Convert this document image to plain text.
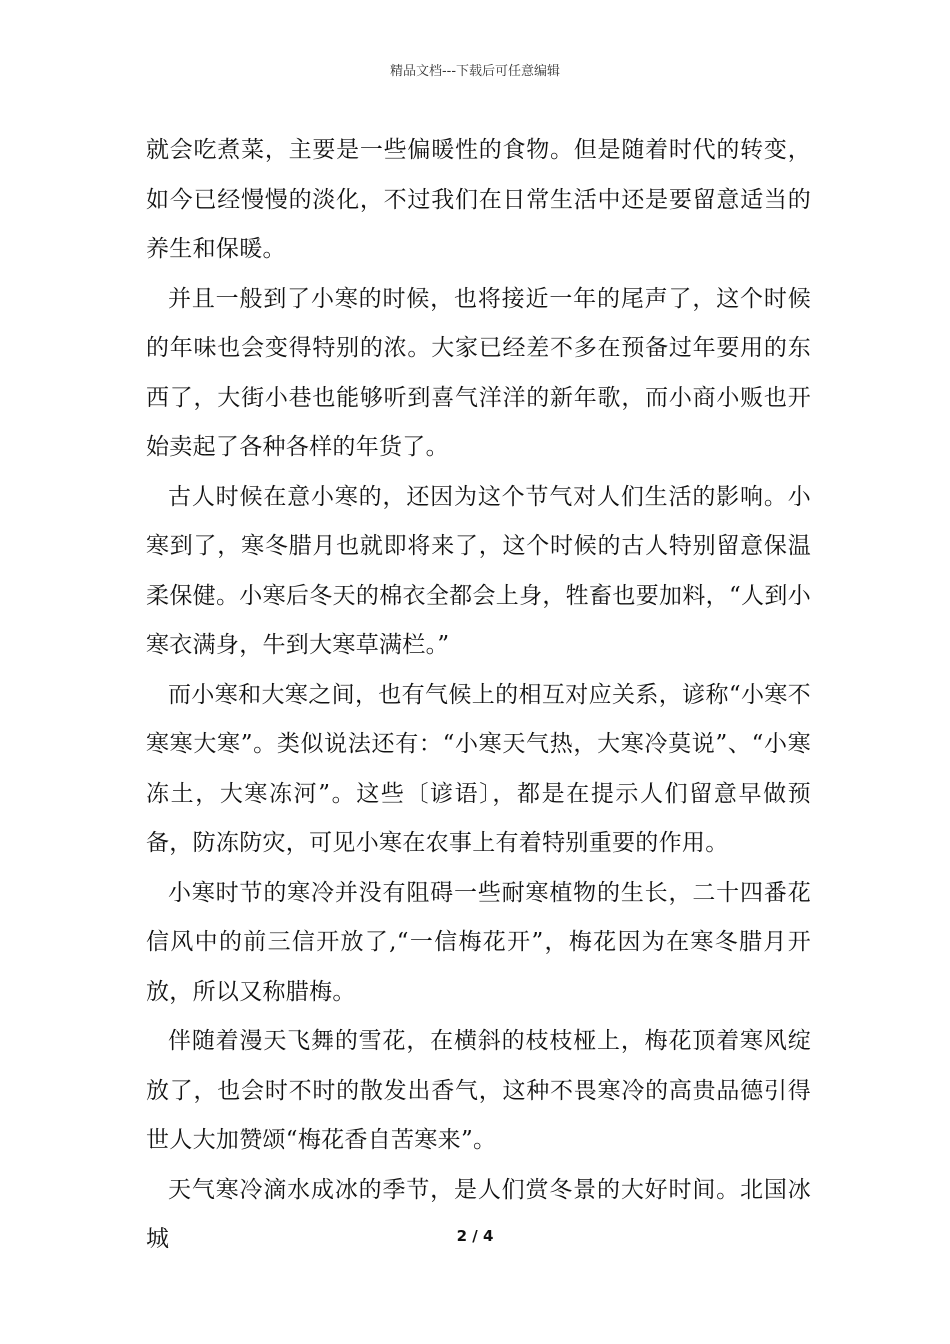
精品文档---下载后可任意编辑

就会吃煮菜，主要是一些偏暖性的食物。但是随着时代的转变，如今已经慢慢的淡化，不过我们在日常生活中还是要留意适当的养生和保暖。

并且一般到了小寒的时候，也将接近一年的尾声了，这个时候的年味也会变得特别的浓。大家已经差不多在预备过年要用的东西了，大街小巷也能够听到喜气洋洋的新年歌，而小商小贩也开始卖起了各种各样的年货了。

古人时候在意小寒的，还因为这个节气对人们生活的影响。小寒到了，寒冬腊月也就即将来了，这个时候的古人特别留意保温柔保健。小寒后冬天的棉衣全都会上身，牲畜也要加料，“人到小寒衣满身，牛到大寒草满栏。”

而小寒和大寒之间，也有气候上的相互对应关系，谚称“小寒不寒寒大寒”。类似说法还有：“小寒天气热，大寒冷莫说”、“小寒冻土，大寒冻河”。这些〔谚语〕，都是在提示人们留意早做预备，防冻防灾，可见小寒在农事上有着特别重要的作用。

小寒时节的寒冷并没有阻碍一些耐寒植物的生长，二十四番花信风中的前三信开放了,“一信梅花开”，梅花因为在寒冬腊月开放，所以又称腊梅。

伴随着漫天飞舞的雪花，在横斜的枝枝桠上，梅花顶着寒风绽放了，也会时不时的散发出香气，这种不畏寒冷的高贵品德引得世人大加赞颂“梅花香自苦寒来”。

天气寒冷滴水成冰的季节，是人们赏冬景的大好时间。北国冰城	2 / 4
